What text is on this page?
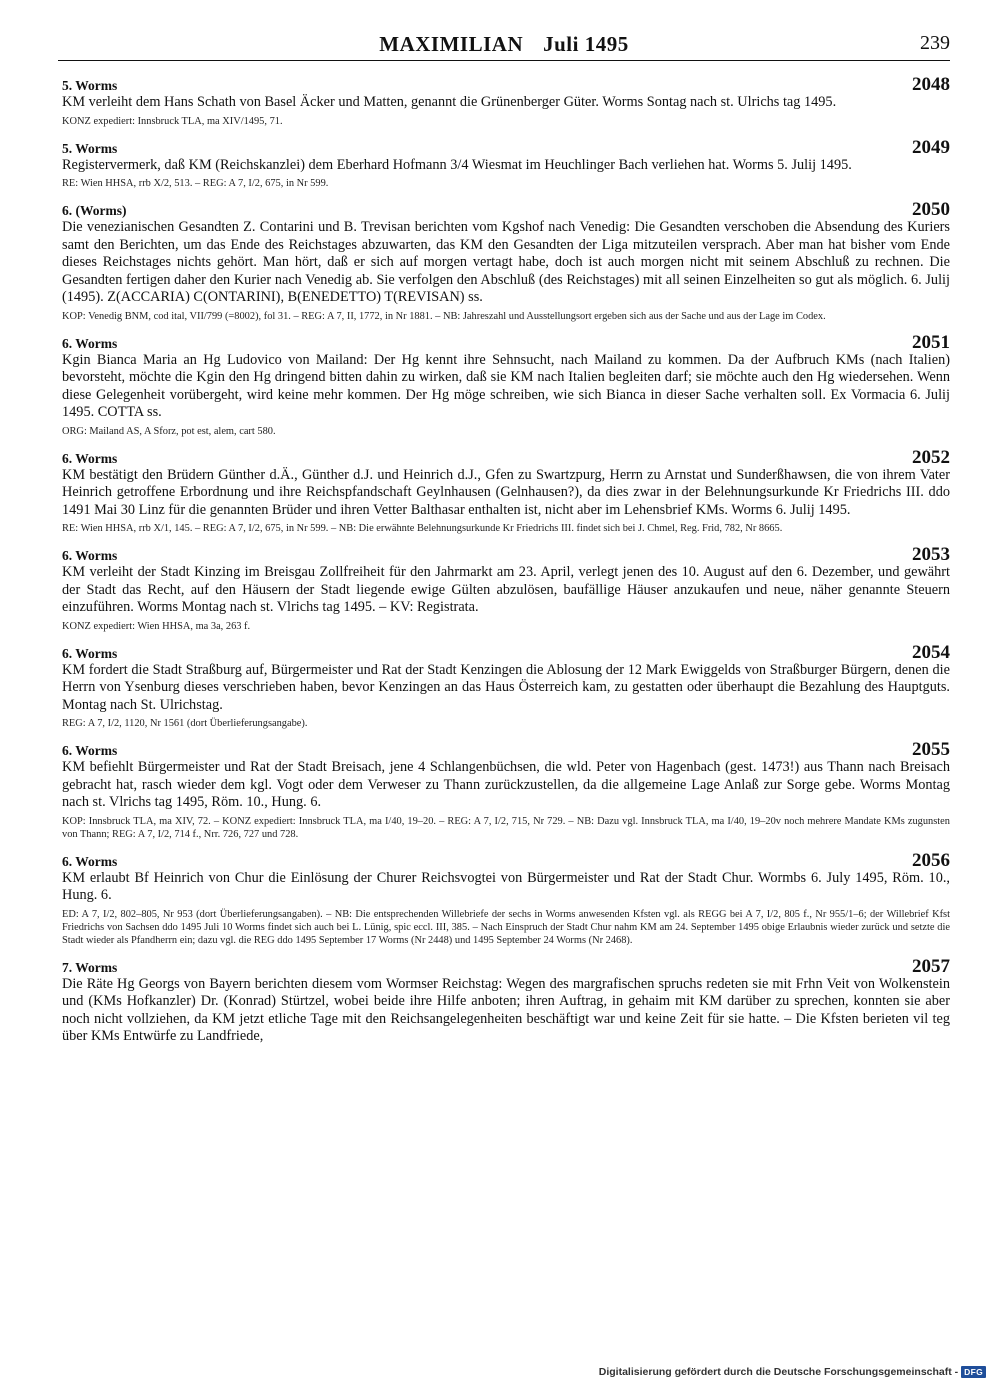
MAXIMILIAN Juli 1495	239
5. Worms	2048

KM verleiht dem Hans Schath von Basel Äcker und Matten, genannt die Grünenberger Güter. Worms Sontag nach st. Ulrichs tag 1495.

KONZ expediert: Innsbruck TLA, ma XIV/1495, 71.

5. Worms	2049

Registervermerk, daß KM (Reichskanzlei) dem Eberhard Hofmann 3/4 Wiesmat im Heuchlinger Bach verliehen hat. Worms 5. Julij 1495.

RE: Wien HHSA, rrb X/2, 513. – REG: A 7, I/2, 675, in Nr 599.

6. (Worms)	2050

Die venezianischen Gesandten Z. Contarini und B. Trevisan berichten vom Kgshof nach Venedig: Die Gesandten verschoben die Absendung des Kuriers samt den Berichten, um das Ende des Reichstages abzuwarten, das KM den Gesandten der Liga mitzuteilen versprach. Aber man hat bisher vom Ende dieses Reichstages nichts gehört. Man hört, daß er sich auf morgen vertagt habe, doch ist auch morgen nicht mit seinem Abschluß zu rechnen. Die Gesandten fertigen daher den Kurier nach Venedig ab. Sie verfolgen den Abschluß (des Reichstages) mit all seinen Einzelheiten so gut als möglich. 6. Julij (1495). Z(ACCARIA) C(ONTARINI), B(ENEDETTO) T(REVISAN) ss.

KOP: Venedig BNM, cod ital, VII/799 (=8002), fol 31. – REG: A 7, II, 1772, in Nr 1881. – NB: Jahreszahl und Ausstellungsort ergeben sich aus der Sache und aus der Lage im Codex.

6. Worms	2051

Kgin Bianca Maria an Hg Ludovico von Mailand: Der Hg kennt ihre Sehnsucht, nach Mailand zu kommen. Da der Aufbruch KMs (nach Italien) bevorsteht, möchte die Kgin den Hg dringend bitten dahin zu wirken, daß sie KM nach Italien begleiten darf; sie möchte auch den Hg wiedersehen. Wenn diese Gelegenheit vorübergeht, wird keine mehr kommen. Der Hg möge schreiben, wie sich Bianca in dieser Sache verhalten soll. Ex Vormacia 6. Julij 1495. COTTA ss.

ORG: Mailand AS, A Sforz, pot est, alem, cart 580.

6. Worms	2052

KM bestätigt den Brüdern Günther d.Ä., Günther d.J. und Heinrich d.J., Gfen zu Swartzpurg, Herrn zu Arnstat und Sunderßhawsen, die von ihrem Vater Heinrich getroffene Erbordnung und ihre Reichspfandschaft Geylnhausen (Gelnhausen?), da dies zwar in der Belehnungsurkunde Kr Friedrichs III. ddo 1491 Mai 30 Linz für die genannten Brüder und ihren Vetter Balthasar enthalten ist, nicht aber im Lehensbrief KMs. Worms 6. Julij 1495.

RE: Wien HHSA, rrb X/1, 145. – REG: A 7, I/2, 675, in Nr 599. – NB: Die erwähnte Belehnungsurkunde Kr Friedrichs III. findet sich bei J. Chmel, Reg. Frid, 782, Nr 8665.

6. Worms	2053

KM verleiht der Stadt Kinzing im Breisgau Zollfreiheit für den Jahrmarkt am 23. April, verlegt jenen des 10. August auf den 6. Dezember, und gewährt der Stadt das Recht, auf den Häusern der Stadt liegende ewige Gülten abzulösen, baufällige Häuser anzukaufen und neue, näher genannte Steuern einzuführen. Worms Montag nach st. Vlrichs tag 1495. – KV: Registrata.

KONZ expediert: Wien HHSA, ma 3a, 263 f.

6. Worms	2054

KM fordert die Stadt Straßburg auf, Bürgermeister und Rat der Stadt Kenzingen die Ablosung der 12 Mark Ewiggelds von Straßburger Bürgern, denen die Herrn von Ysenburg dieses verschrieben haben, bevor Kenzingen an das Haus Österreich kam, zu gestatten oder überhaupt die Bezahlung des Hauptguts. Montag nach St. Ulrichstag.

REG: A 7, I/2, 1120, Nr 1561 (dort Überlieferungsangabe).

6. Worms	2055

KM befiehlt Bürgermeister und Rat der Stadt Breisach, jene 4 Schlangenbüchsen, die wld. Peter von Hagenbach (gest. 1473!) aus Thann nach Breisach gebracht hat, rasch wieder dem kgl. Vogt oder dem Verweser zu Thann zurückzustellen, da die allgemeine Lage Anlaß zur Sorge gebe. Worms Montag nach st. Vlrichs tag 1495, Röm. 10., Hung. 6.

KOP: Innsbruck TLA, ma XIV, 72. – KONZ expediert: Innsbruck TLA, ma I/40, 19–20. – REG: A 7, I/2, 715, Nr 729. – NB: Dazu vgl. Innsbruck TLA, ma I/40, 19–20v noch mehrere Mandate KMs zugunsten von Thann; REG: A 7, I/2, 714 f., Nrr. 726, 727 und 728.

6. Worms	2056

KM erlaubt Bf Heinrich von Chur die Einlösung der Churer Reichsvogtei von Bürgermeister und Rat der Stadt Chur. Wormbs 6. July 1495, Röm. 10., Hung. 6.

ED: A 7, I/2, 802–805, Nr 953 (dort Überlieferungsangaben). – NB: Die entsprechenden Willebriefe der sechs in Worms anwesenden Kfsten vgl. als REGG bei A 7, I/2, 805 f., Nr 955/1–6; der Willebrief Kfst Friedrichs von Sachsen ddo 1495 Juli 10 Worms findet sich auch bei L. Lünig, spic eccl. III, 385. – Nach Einspruch der Stadt Chur nahm KM am 24. September 1495 obige Erlaubnis wieder zurück und setzte die Stadt wieder als Pfandherrn ein; dazu vgl. die REG ddo 1495 September 17 Worms (Nr 2448) und 1495 September 24 Worms (Nr 2468).

7. Worms	2057

Die Räte Hg Georgs von Bayern berichten diesem vom Wormser Reichstag: Wegen des margrafischen spruchs redeten sie mit Frhn Veit von Wolkenstein und (KMs Hofkanzler) Dr. (Konrad) Stürtzel, wobei beide ihre Hilfe anboten; ihren Auftrag, in gehaim mit KM darüber zu sprechen, konnten sie aber noch nicht vollziehen, da KM jetzt etliche Tage mit den Reichsangelegenheiten beschäftigt war und keine Zeit für sie hatte. – Die Kfsten berieten vil teg über KMs Entwürfe zu Landfriede,

Digitalisierung gefördert durch die Deutsche Forschungsgemeinschaft - DFG
